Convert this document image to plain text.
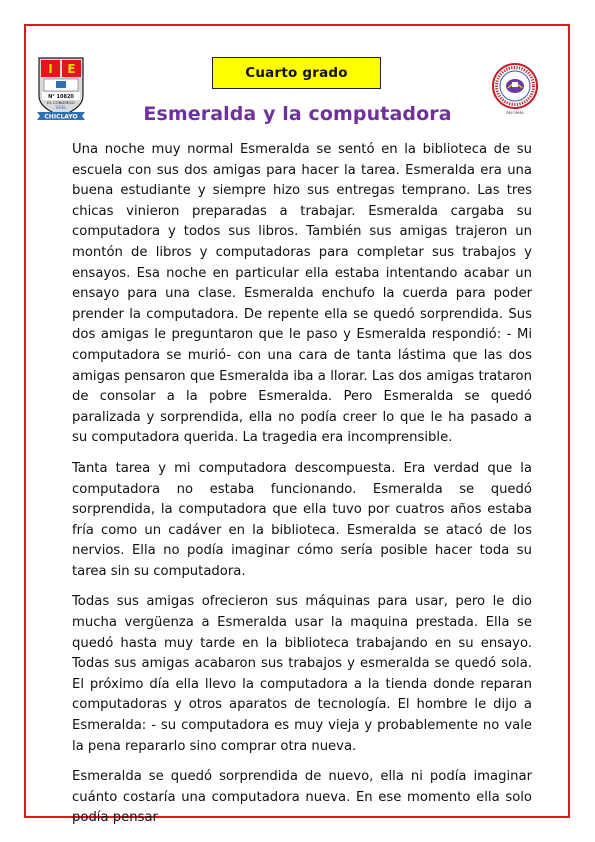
I E
N° 10820
EL CONGRESO
UGEL
CHICLAYO
Cuarto grado
REFORMA
Esmeralda y la computadora

Una noche muy normal Esmeralda se sentó en la biblioteca de su escuela con sus dos amigas para hacer la tarea. Esmeralda era una buena estudiante y siempre hizo sus entregas temprano. Las tres chicas vinieron preparadas a trabajar. Esmeralda cargaba su computadora y todos sus libros. También sus amigas trajeron un montón de libros y computadoras para completar sus trabajos y ensayos. Esa noche en particular ella estaba intentando acabar un ensayo para una clase. Esmeralda enchufo la cuerda para poder prender la computadora. De repente ella se quedó sorprendida. Sus dos amigas le preguntaron que le paso y Esmeralda respondió: - Mi computadora se murió- con una cara de tanta lástima que las dos amigas pensaron que Esmeralda iba a llorar. Las dos amigas trataron de consolar a la pobre Esmeralda. Pero Esmeralda se quedó paralizada y sorprendida, ella no podía creer lo que le ha pasado a su computadora querida. La tragedia era incomprensible.

Tanta tarea y mi computadora descompuesta. Era verdad que la computadora no estaba funcionando. Esmeralda se quedó sorprendida, la computadora que ella tuvo por cuatros años estaba fría como un cadáver en la biblioteca. Esmeralda se atacó de los nervios. Ella no podía imaginar cómo sería posible hacer toda su tarea sin su computadora.

Todas sus amigas ofrecieron sus máquinas para usar, pero le dio mucha vergüenza a Esmeralda usar la maquina prestada. Ella se quedó hasta muy tarde en la biblioteca trabajando en su ensayo. Todas sus amigas acabaron sus trabajos y esmeralda se quedó sola. El próximo día ella llevo la computadora a la tienda donde reparan computadoras y otros aparatos de tecnología. El hombre le dijo a Esmeralda: - su computadora es muy vieja y probablemente no vale la pena repararlo sino comprar otra nueva.

Esmeralda se quedó sorprendida de nuevo, ella ni podía imaginar cuánto costaría una computadora nueva. En ese momento ella solo podía pensar
